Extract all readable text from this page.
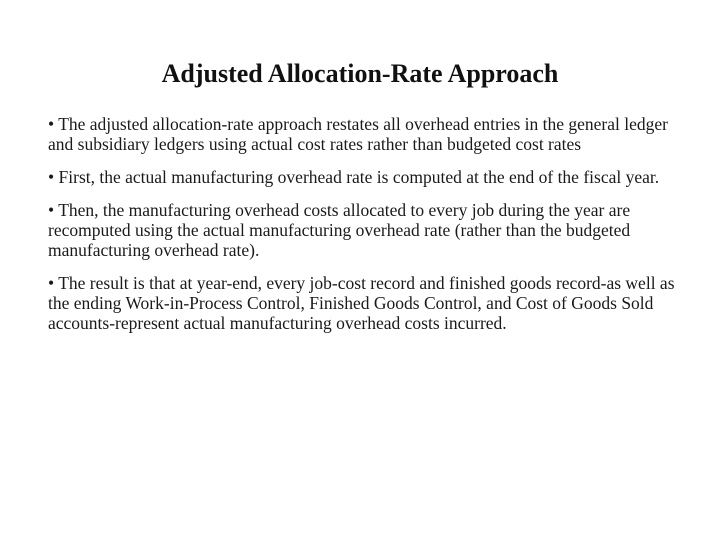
Adjusted Allocation-Rate Approach

• The adjusted allocation-rate approach restates all overhead entries in the general ledger and subsidiary ledgers using actual cost rates rather than budgeted cost rates

• First, the actual manufacturing overhead rate is computed at the end of the fiscal year.

• Then, the manufacturing overhead costs allocated to every job during the year are recomputed using the actual manufacturing overhead rate (rather than the budgeted manufacturing overhead rate).

• The result is that at year-end, every job-cost record and finished goods record-as well as the ending Work-in-Process Control, Finished Goods Control, and Cost of Goods Sold accounts-represent actual manufacturing overhead costs incurred.
